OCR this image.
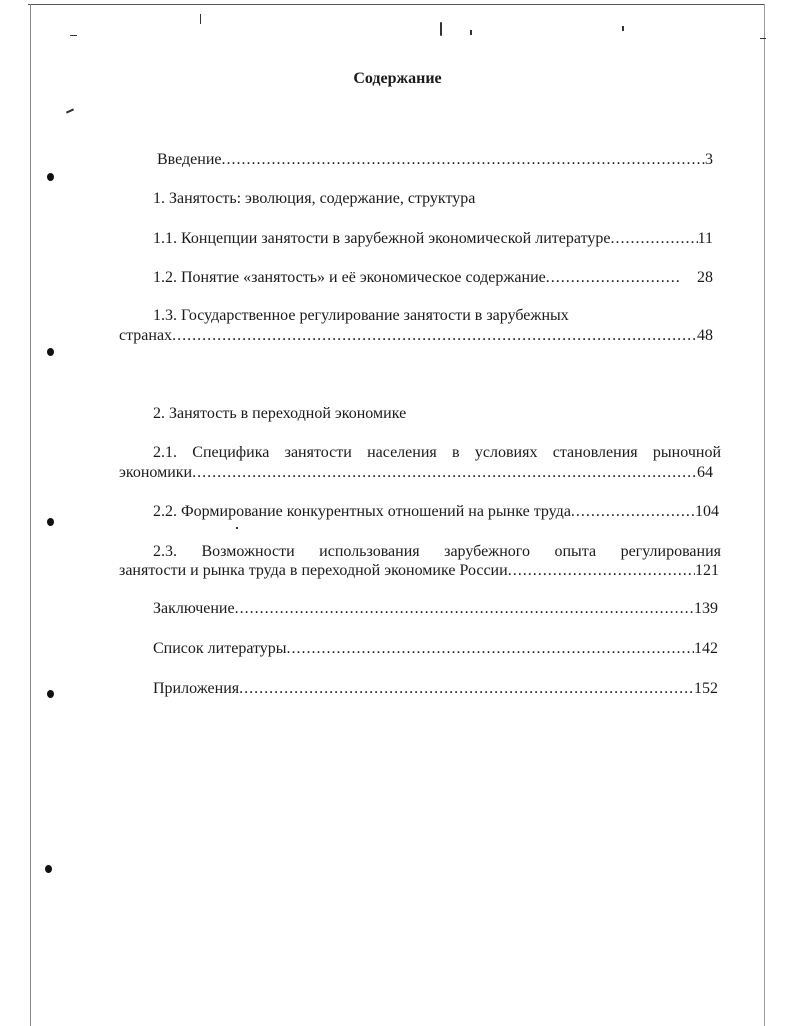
Содержание
Введение .....	3
1. Занятость: эволюция, содержание, структура
1.1. Концепции занятости в зарубежной экономической литературе .....	11
1.2. Понятие «занятость» и её экономическое содержание .....	28
1.3. Государственное регулирование занятости в зарубежных
странах .....	48
2. Занятость в переходной экономике
2.1. Специфика занятости населения в условиях становления рыночной
экономики .....	64
2.2. Формирование конкурентных отношений на рынке труда .....	104
2.3. Возможности использования зарубежного опыта регулирования
занятости и рынка труда в переходной экономике России .....	121
Заключение .....	139
Список литературы .....	142
Приложения .....	152
